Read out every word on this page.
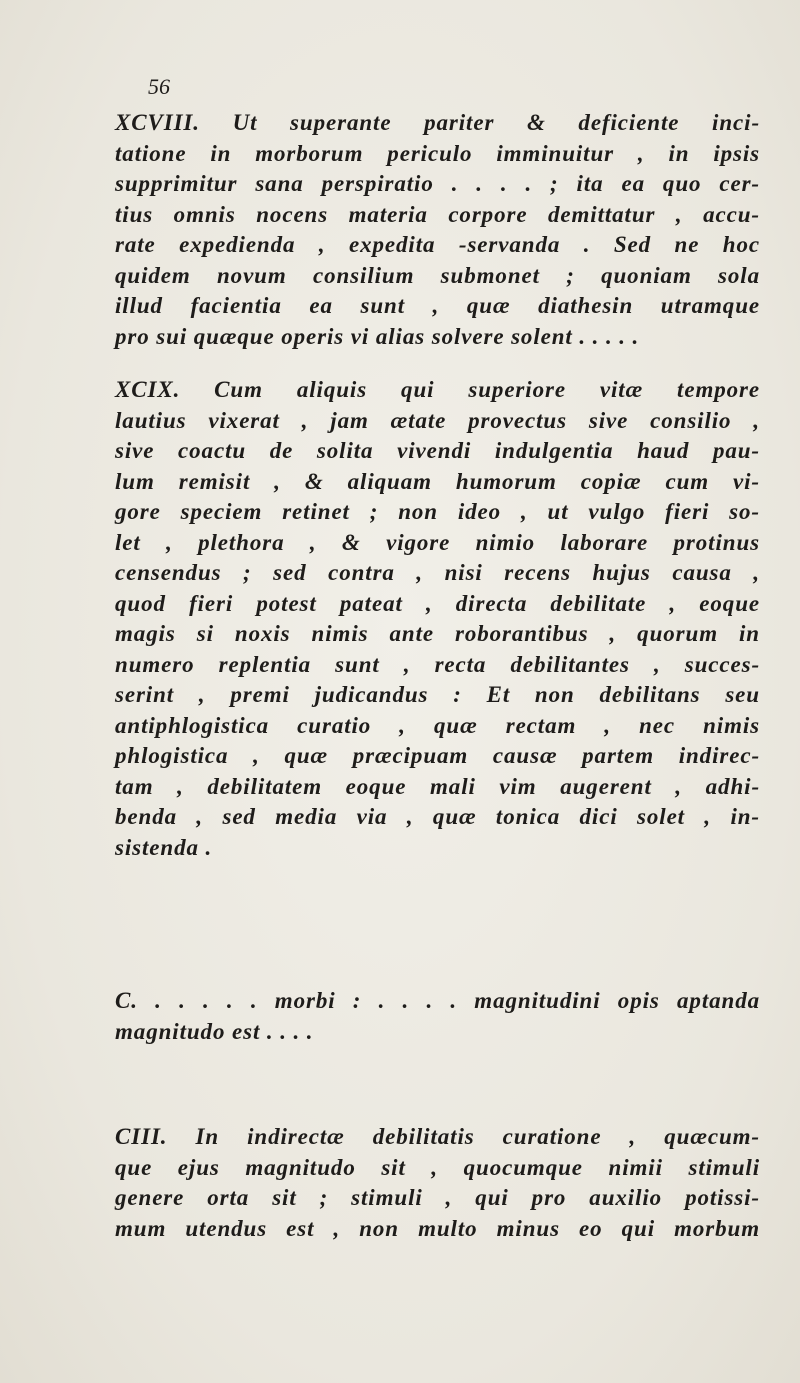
56
XCVIII. Ut superante pariter & deficiente inci-
tatione in morborum periculo imminuitur , in ipsis
supprimitur sana perspiratio . . . . ; ita ea quo cer-
tius omnis nocens materia corpore demittatur , accu-
rate expedienda , expedita -servanda . Sed ne hoc
quidem novum consilium submonet ; quoniam sola
illud facientia ea sunt , quæ diathesin utramque
pro sui quæque operis vi alias solvere solent . . . . .
XCIX. Cum aliquis qui superiore vitæ tempore
lautius vixerat , jam ætate provectus sive consilio ,
sive coactu de solita vivendi indulgentia haud pau-
lum remisit , & aliquam humorum copiæ cum vi-
gore speciem retinet ; non ideo , ut vulgo fieri so-
let , plethora , & vigore nimio laborare protinus
censendus ; sed contra , nisi recens hujus causa ,
quod fieri potest pateat , directa debilitate , eoque
magis si noxis nimis ante roborantibus , quorum in
numero replentia sunt , recta debilitantes , succes-
serint , premi judicandus : Et non debilitans seu
antiphlogistica curatio , quæ rectam , nec nimis
phlogistica , quæ præcipuam causæ partem indirec-
tam , debilitatem eoque mali vim augerent , adhi-
benda , sed media via , quæ tonica dici solet , in-
sistenda .
C. . . . . . morbi : . . . . magnitudini opis aptanda
magnitudo est . . . .
CIII. In indirectæ debilitatis curatione , quæcum-
que ejus magnitudo sit , quocumque nimii stimuli
genere orta sit ; stimuli , qui pro auxilio potissi-
mum utendus est , non multo minus eo qui morbum
